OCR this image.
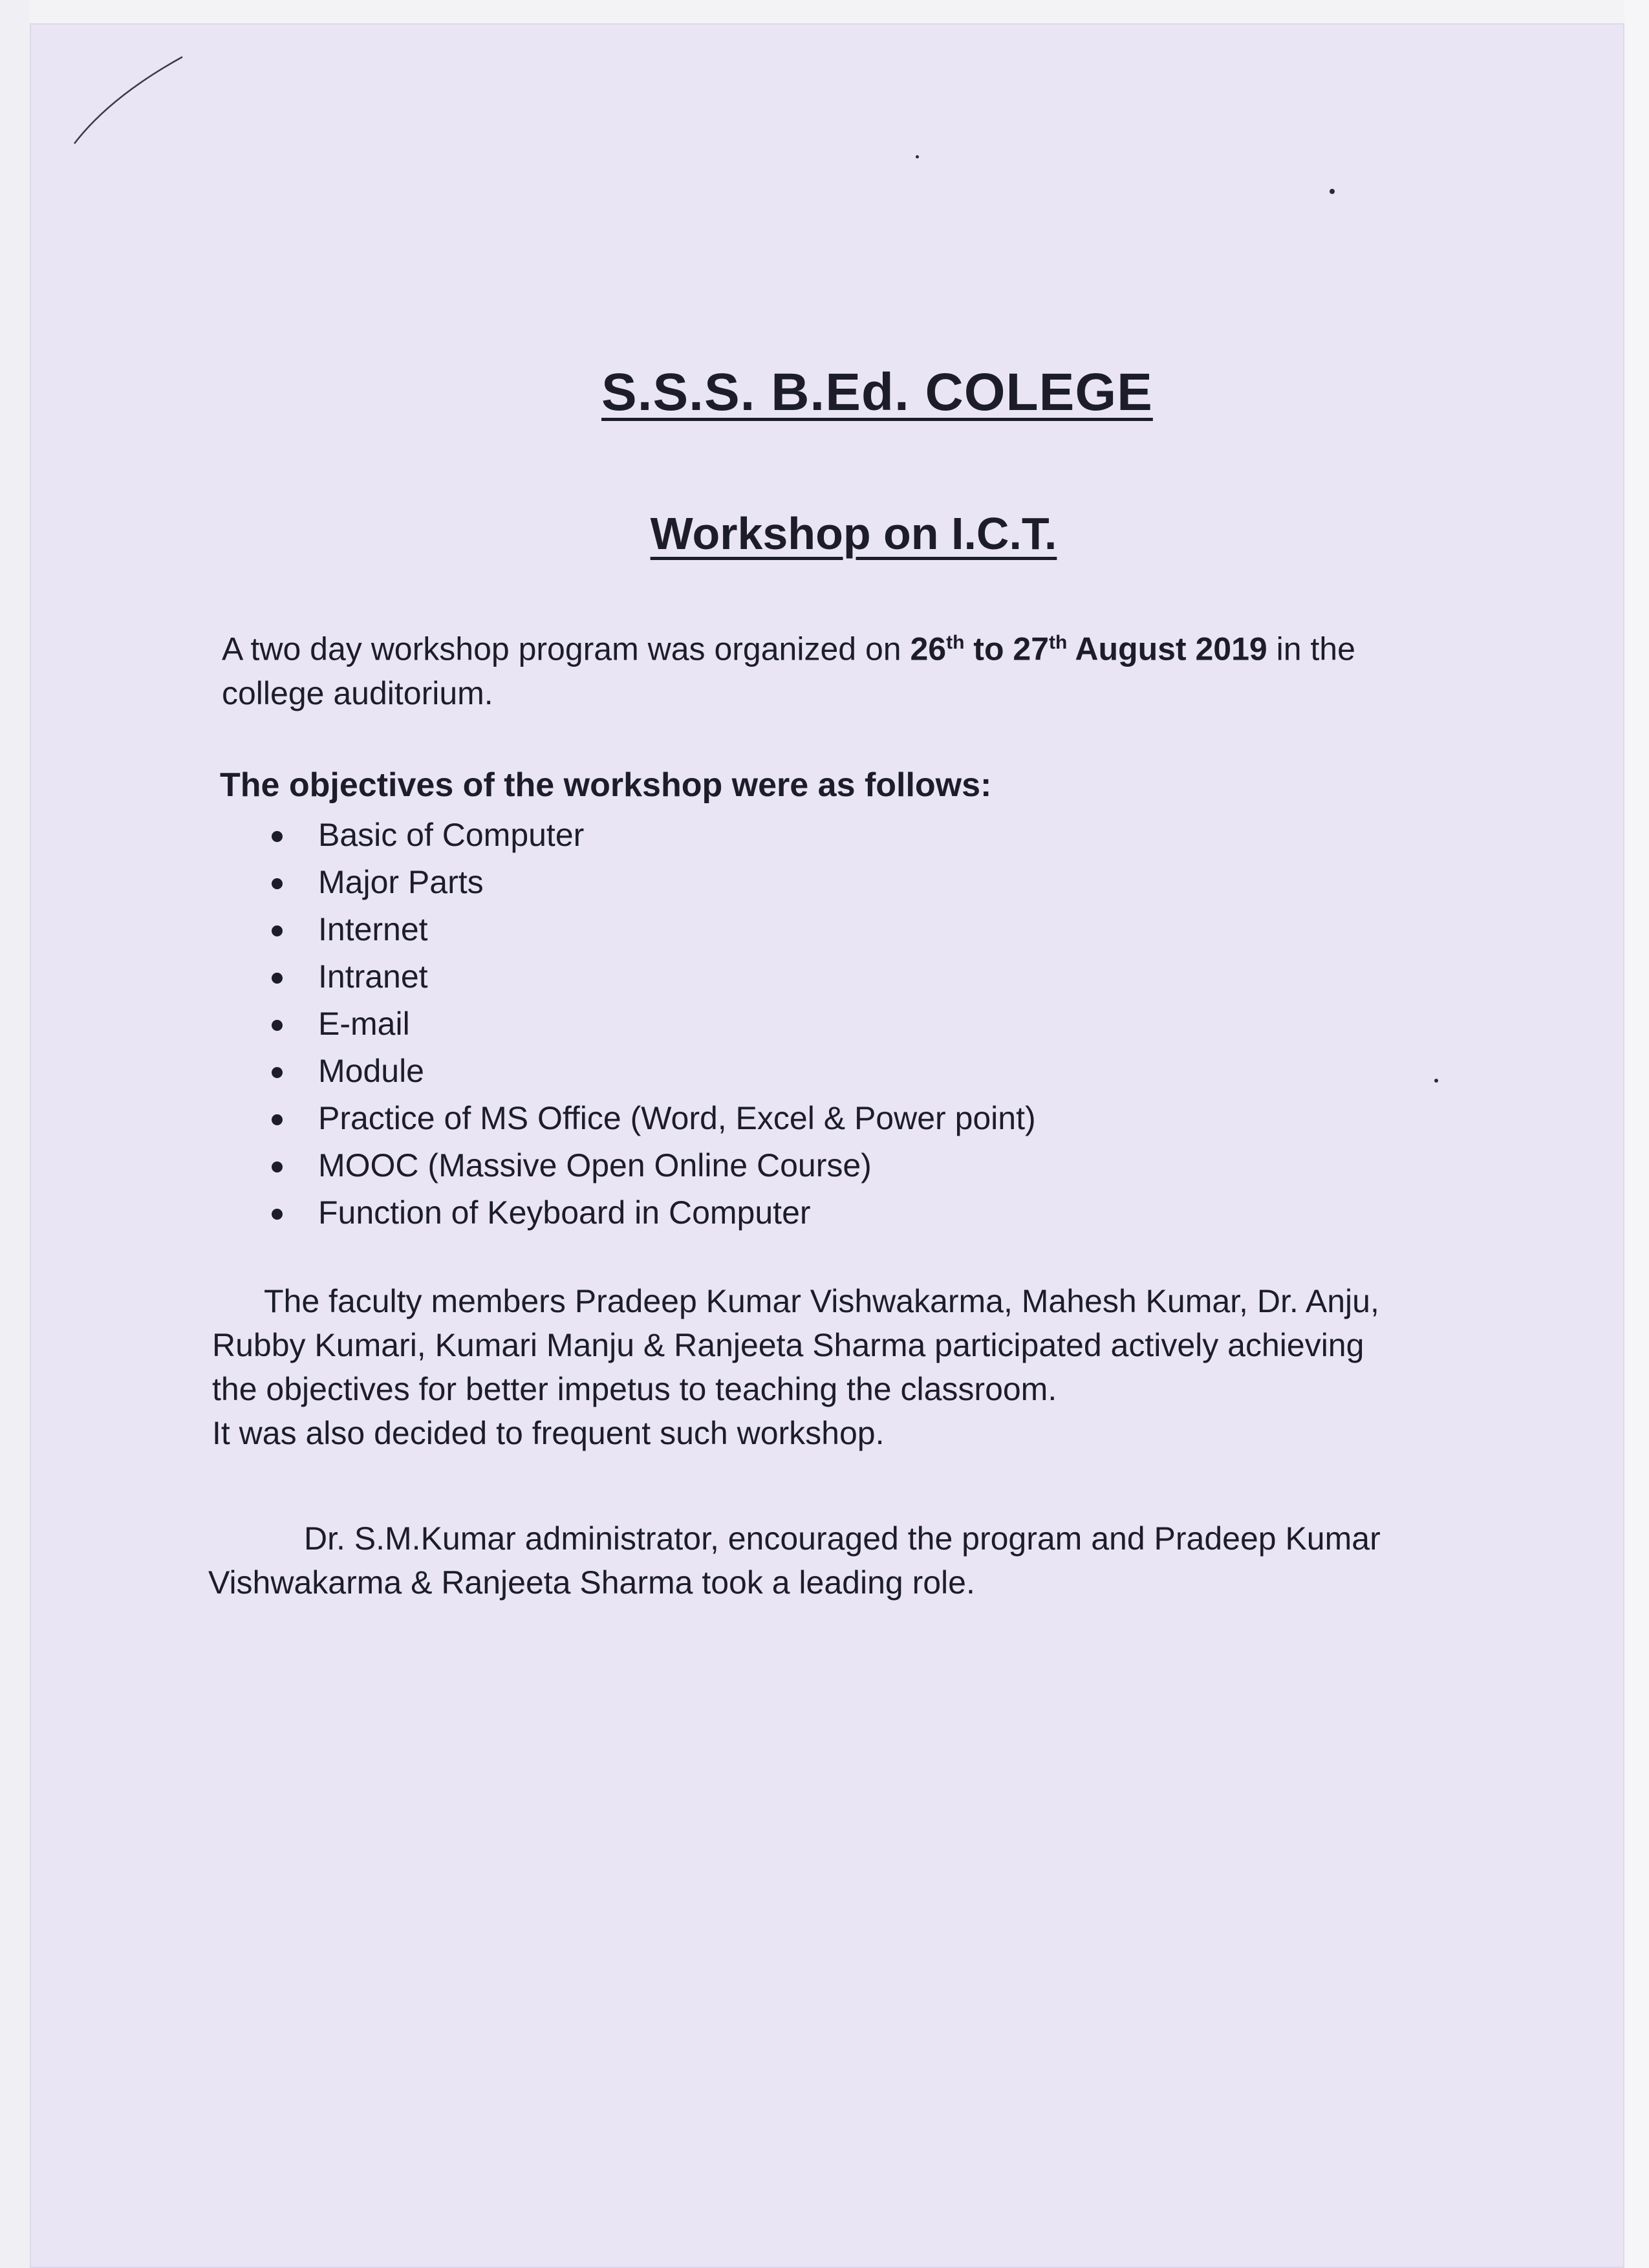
S.S.S. B.Ed. COLEGE
Workshop on I.C.T.
A two day workshop program was organized on 26th to 27th August 2019 in the
college auditorium.
The objectives of the workshop were as follows:
Basic of Computer
Major Parts
Internet
Intranet
E-mail
Module
Practice of MS Office (Word, Excel & Power point)
MOOC (Massive Open Online Course)
Function of Keyboard in Computer
The faculty members Pradeep Kumar Vishwakarma, Mahesh Kumar, Dr. Anju,
Rubby Kumari, Kumari Manju & Ranjeeta Sharma participated actively achieving
the objectives for better impetus to teaching the classroom.
It was also decided to frequent such workshop.
Dr. S.M.Kumar administrator, encouraged the program and Pradeep Kumar
Vishwakarma & Ranjeeta Sharma took a leading role.
